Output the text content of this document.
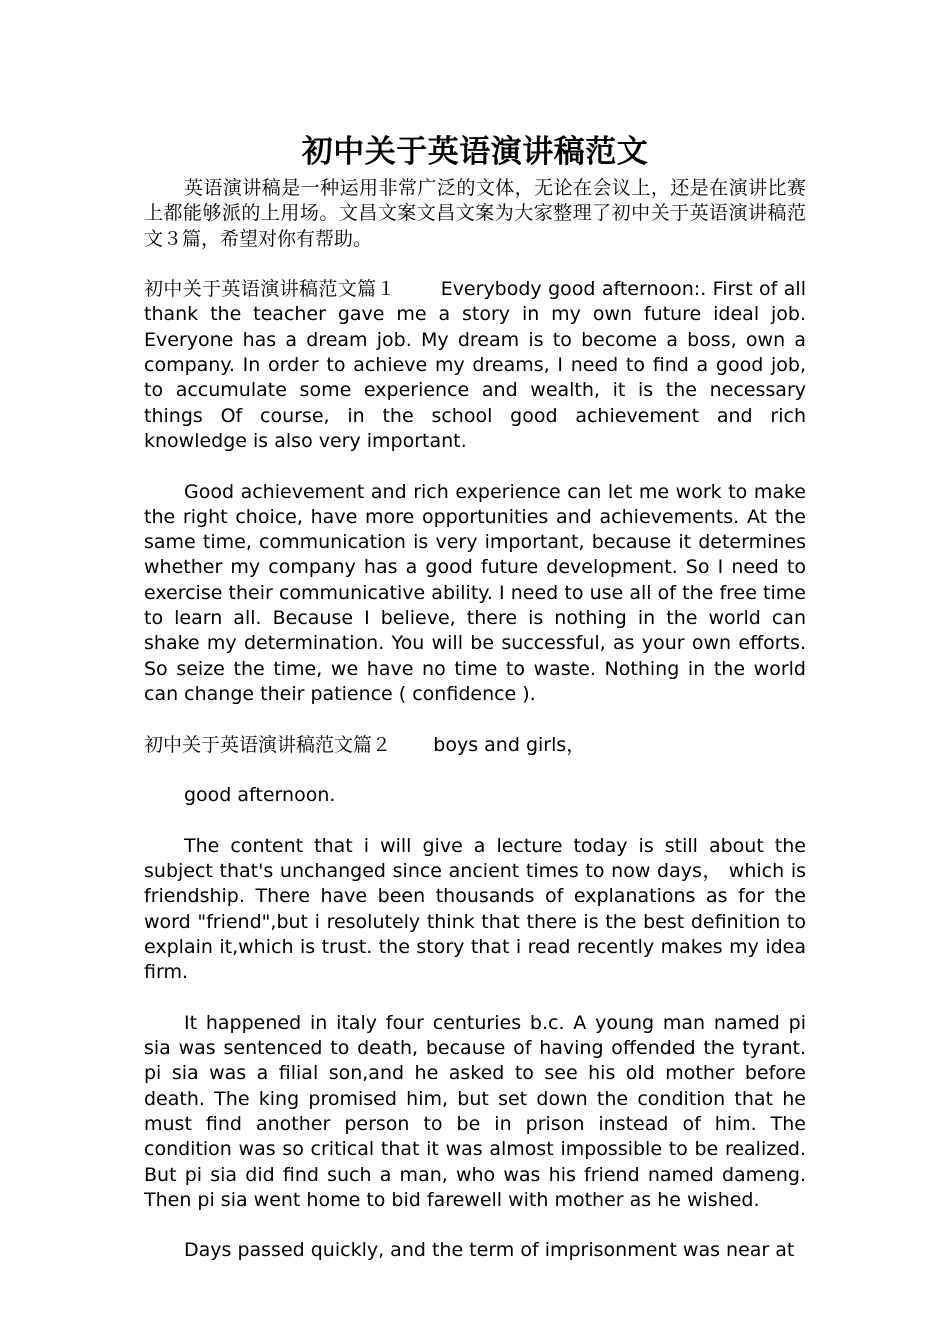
初中关于英语演讲稿范文

英语演讲稿是一种运用非常广泛的文体，无论在会议上，还是在演讲比赛上都能够派的上用场。文昌文案文昌文案为大家整理了初中关于英语演讲稿范文３篇，希望对你有帮助。

初中关于英语演讲稿范文篇１ Everybody good afternoon:. First of all thank the teacher gave me a story in my own future ideal job. Everyone has a dream job. My dream is to become a boss, own a company. In order to achieve my dreams, I need to find a good job, to accumulate some experience and wealth, it is the necessary things Of course, in the school good achievement and rich knowledge is also very important.

Good achievement and rich experience can let me work to make the right choice, have more opportunities and achievements. At the same time, communication is very important, because it determines whether my company has a good future development. So I need to exercise their communicative ability. I need to use all of the free time to learn all. Because I believe, there is nothing in the world can shake my determination. You will be successful, as your own efforts. So seize the time, we have no time to waste. Nothing in the world can change their patience ( confidence ).

初中关于英语演讲稿范文篇２ boys and girls，

good afternoon.

The content that i will give a lecture today is still about the subject that's unchanged since ancient times to now days， which is friendship. There have been thousands of explanations as for the word "friend",but i resolutely think that there is the best definition to explain it,which is trust. the story that i read recently makes my idea firm.

It happened in italy four centuries b.c. A young man named pi sia was sentenced to death, because of having offended the tyrant. pi sia was a filial son,and he asked to see his old mother before death. The king promised him, but set down the condition that he must find another person to be in prison instead of him. The condition was so critical that it was almost impossible to be realized. But pi sia did find such a man, who was his friend named dameng. Then pi sia went home to bid farewell with mother as he wished.

Days passed quickly, and the term of imprisonment was near at
